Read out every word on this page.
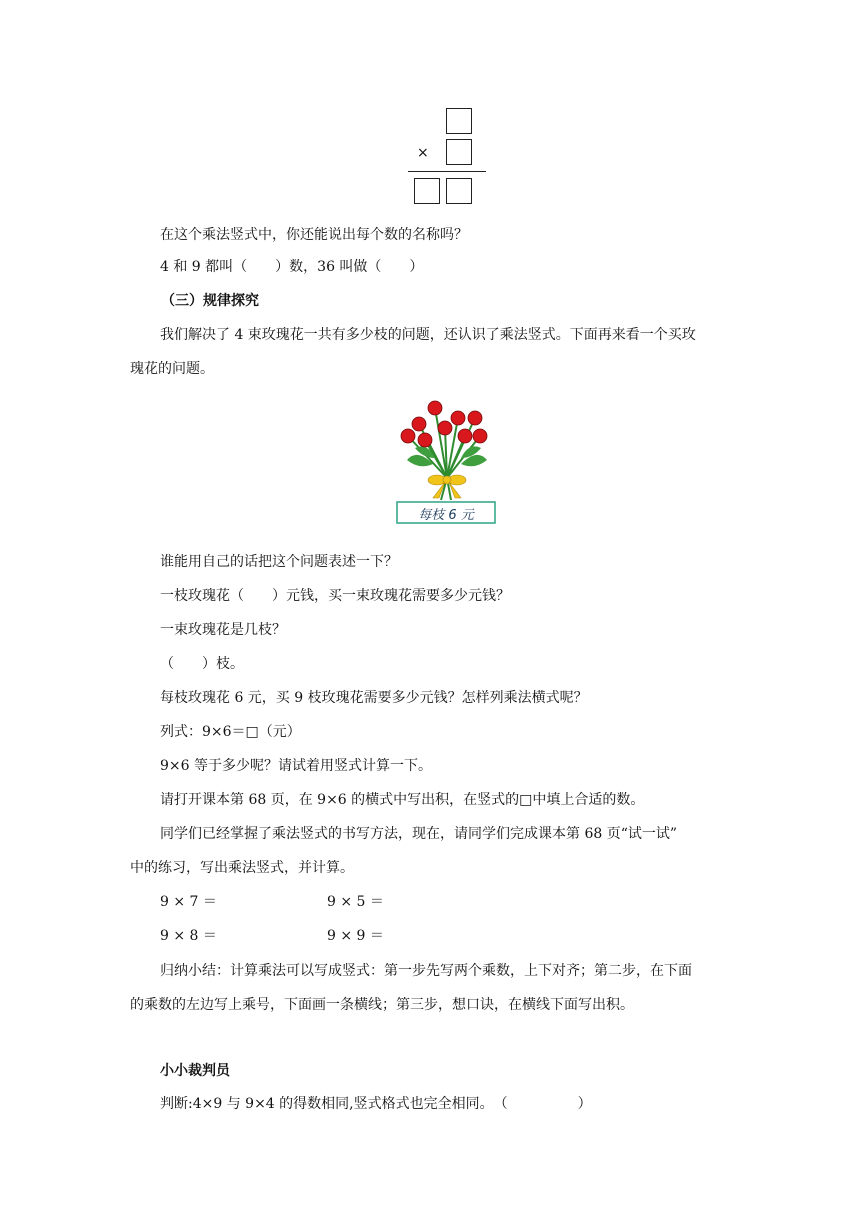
×
在这个乘法竖式中，你还能说出每个数的名称吗？
4 和 9 都叫（　　）数，36 叫做（　　）
（三）规律探究
我们解决了 4 束玫瑰花一共有多少枝的问题，还认识了乘法竖式。下面再来看一个买玫
瑰花的问题。
每枝 6 元
谁能用自己的话把这个问题表述一下？
一枝玫瑰花（　　）元钱，买一束玫瑰花需要多少元钱？
一束玫瑰花是几枝？
（　　）枝。
每枝玫瑰花 6 元，买 9 枝玫瑰花需要多少元钱？怎样列乘法横式呢？
列式：9×6＝□（元）
9×6 等于多少呢？请试着用竖式计算一下。
请打开课本第 68 页，在 9×6 的横式中写出积，在竖式的□中填上合适的数。
同学们已经掌握了乘法竖式的书写方法，现在，请同学们完成课本第 68 页“试一试”
中的练习，写出乘法竖式，并计算。
9 × 7 ＝	9 × 5 ＝
9 × 8 ＝	9 × 9 ＝
归纳小结：计算乘法可以写成竖式：第一步先写两个乘数，上下对齐；第二步，在下面
的乘数的左边写上乘号，下面画一条横线；第三步，想口诀，在横线下面写出积。
小小裁判员
判断:4×9 与 9×4 的得数相同,竖式格式也完全相同。　（　　　　　）
